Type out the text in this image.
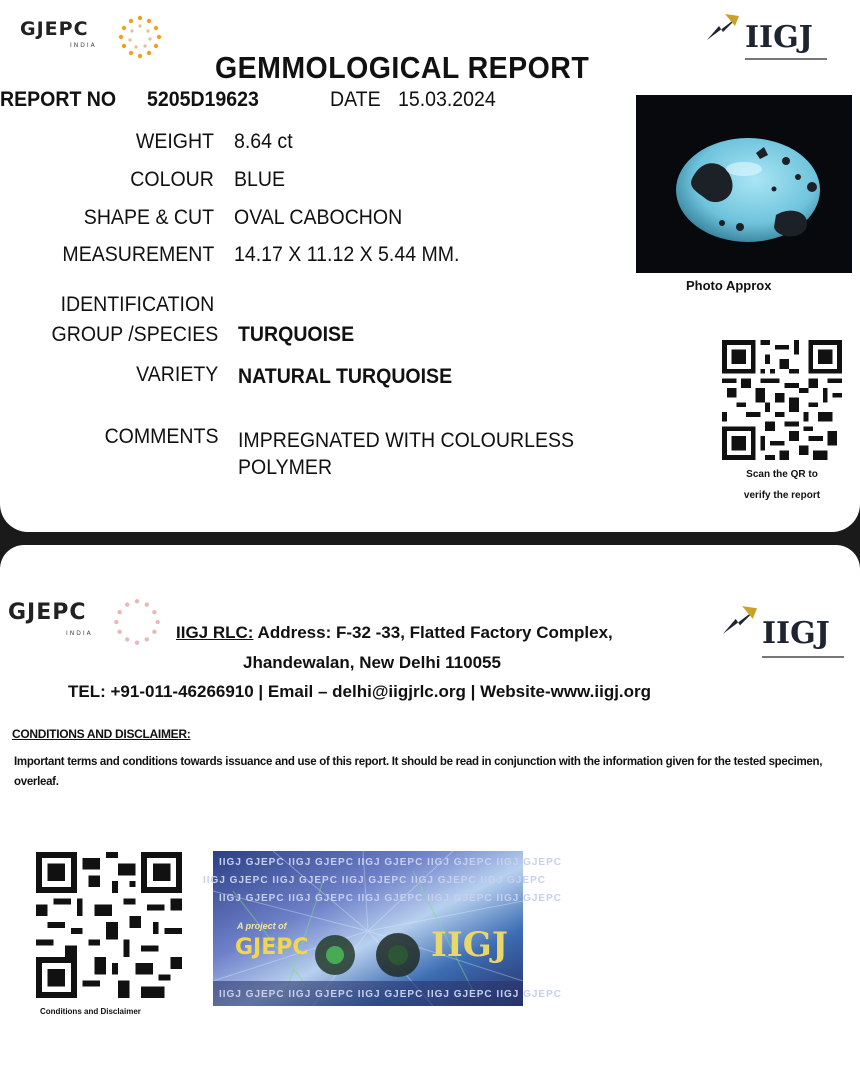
GJEPC
INDIA	IIGJ
GEMMOLOGICAL REPORT
REPORT NO 5205D19623	DATE 15.03.2024
WEIGHT 8.64 ct
COLOUR BLUE
SHAPE & CUT OVAL CABOCHON
MEASUREMENT 14.17 X 11.12 X 5.44 MM.
IDENTIFICATION
GROUP /SPECIES TURQUOISE
VARIETY NATURAL TURQUOISE
COMMENTS IMPREGNATED WITH COLOURLESS
POLYMER
Photo Approx
Scan the QR to
verify the report
GJEPC
INDIA	IIGJ
IIGJ RLC: Address: F-32 -33, Flatted Factory Complex,
Jhandewalan, New Delhi 110055
TEL: +91-011-46266910 | Email – delhi@iigjrlc.org | Website-www.iigj.org
CONDITIONS AND DISCLAIMER:
Important terms and conditions towards issuance and use of this report. It should be read in conjunction with the information given for the tested specimen, overleaf.
Conditions and Disclaimer
IIGJ GJEPC IIGJ GJEPC IIGJ GJEPC IIGJ GJEPC IIGJ GJEPC
IIGJ GJEPC IIGJ GJEPC IIGJ GJEPC IIGJ GJEPC IIGJ GJEPC
IIGJ GJEPC IIGJ GJEPC IIGJ GJEPC IIGJ GJEPC IIGJ GJEPC
IIGJ GJEPC IIGJ GJEPC IIGJ GJEPC IIGJ GJEPC IIGJ GJEPC
A project of
GJEPC	IIGJ
